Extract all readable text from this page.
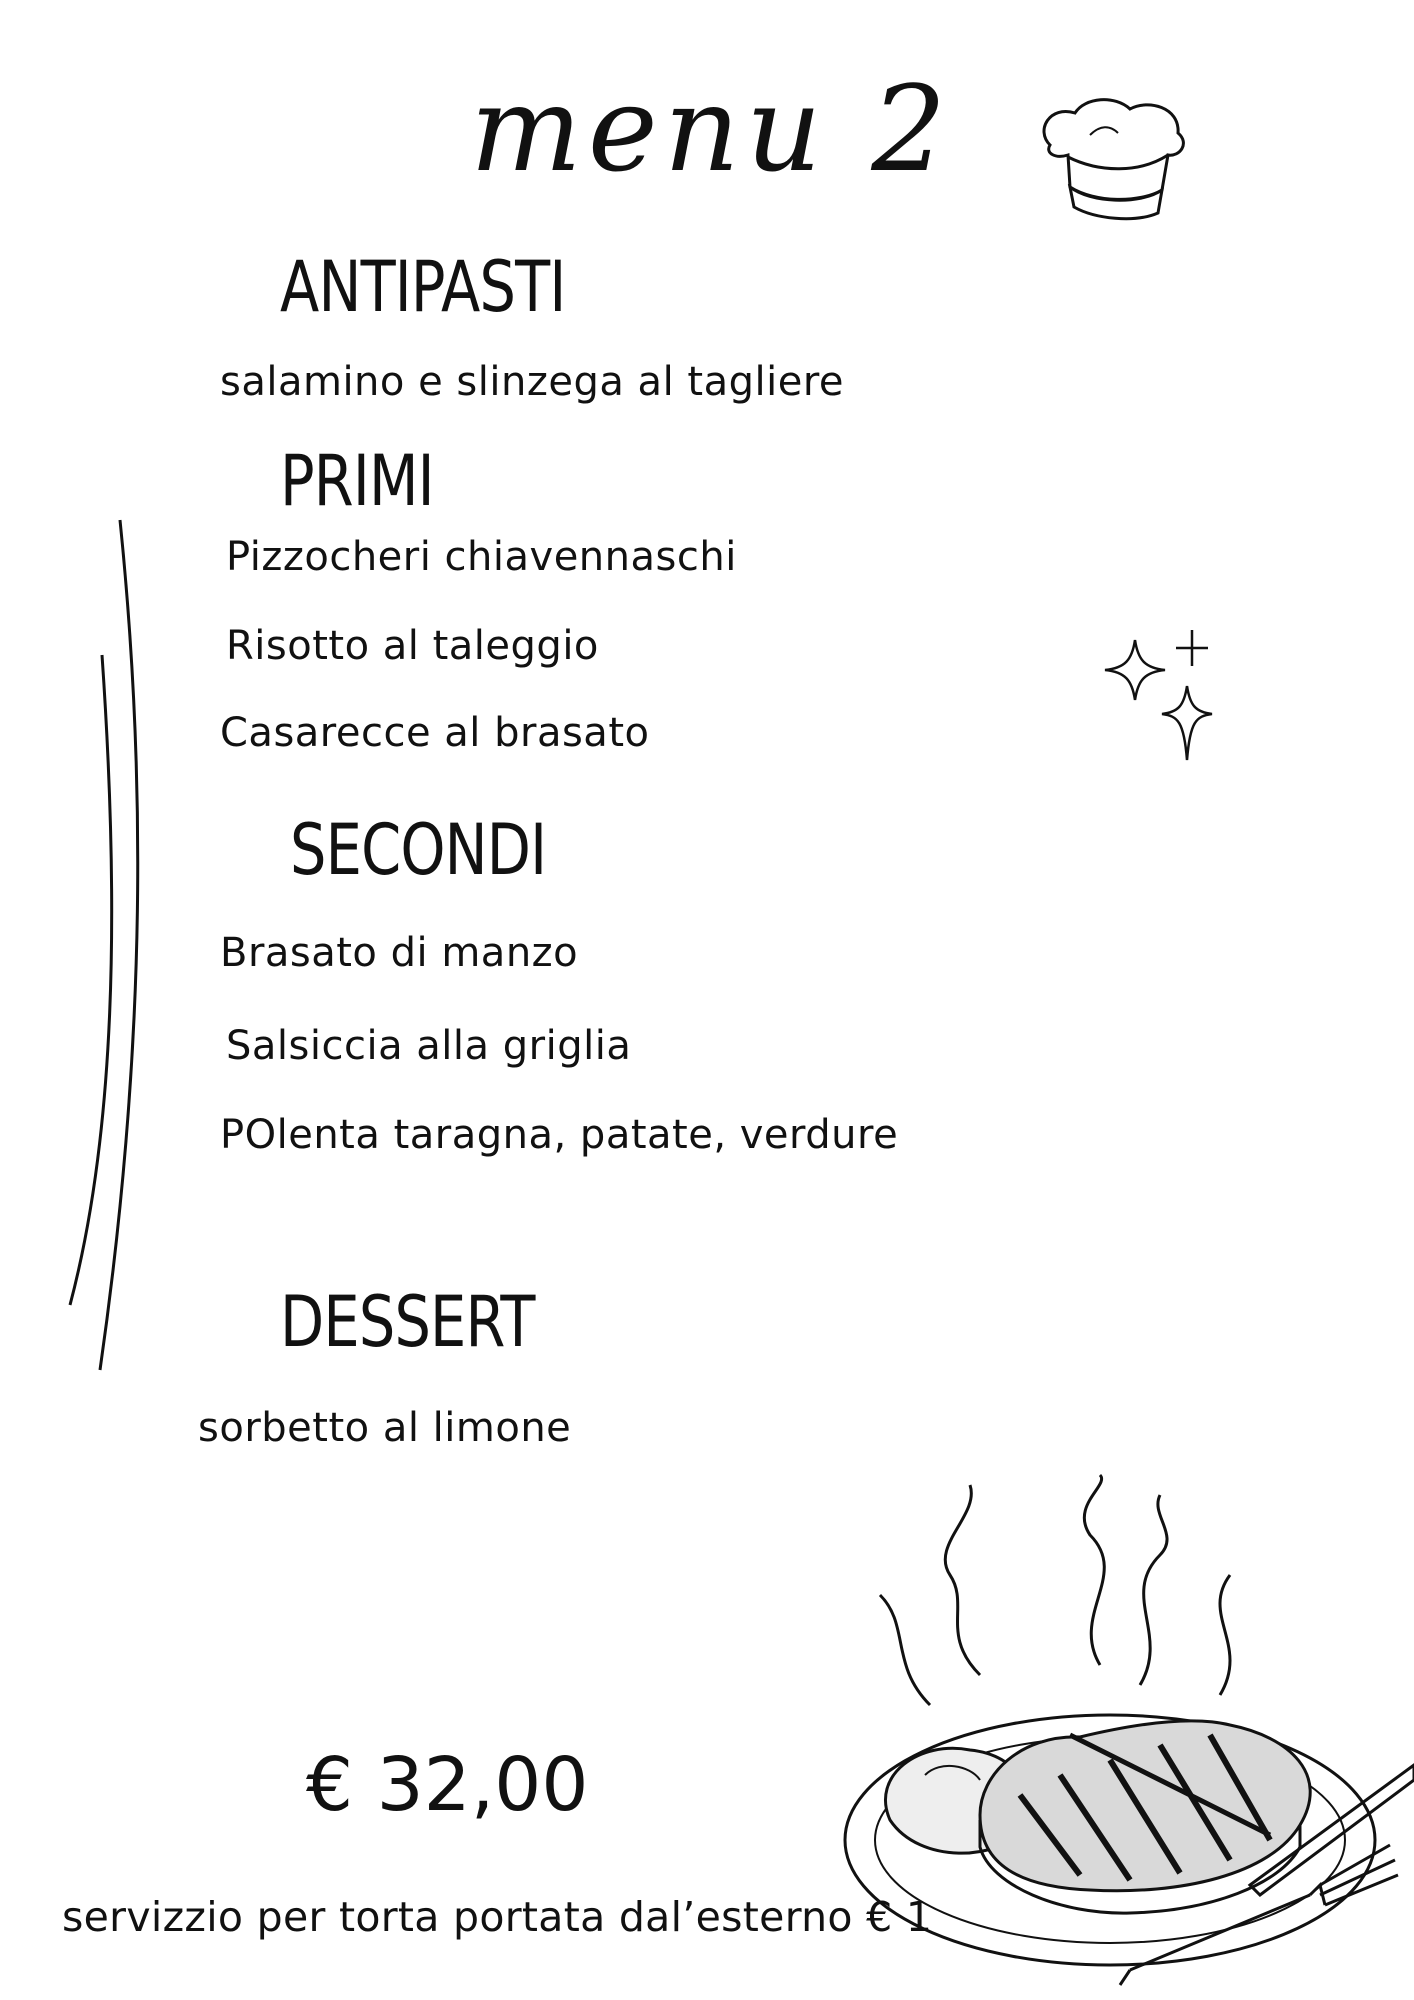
menu 2
ANTIPASTI
salamino e slinzega al tagliere
PRIMI
Pizzocheri chiavennaschi
Risotto al taleggio
Casarecce al brasato
SECONDI
Brasato di manzo
Salsiccia alla griglia
POlenta taragna, patate, verdure
DESSERT
sorbetto al limone
€ 32,00
servizzio per torta portata dal’esterno € 1
